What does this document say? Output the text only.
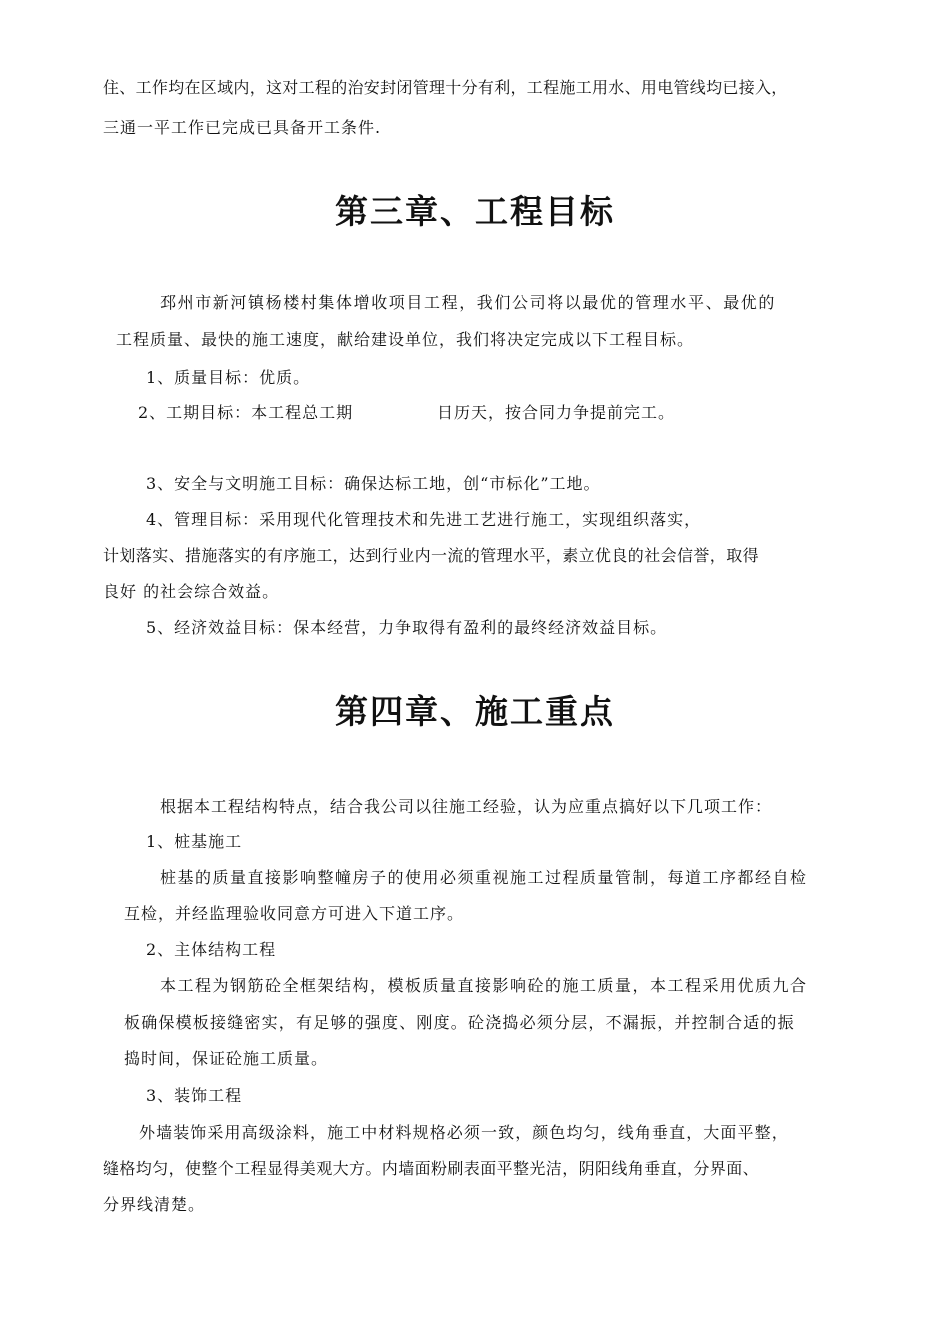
住、工作均在区域内，这对工程的治安封闭管理十分有利，工程施工用水、用电管线均已接入，
三通一平工作已完成已具备开工条件.
第三章、工程目标
邳州市新河镇杨楼村集体增收项目工程，我们公司将以最优的管理水平、最优的
工程质量、最快的施工速度，献给建设单位，我们将决定完成以下工程目标。
1、质量目标：优质。
2、工期目标：本工程总工期	日历天，按合同力争提前完工。
3、安全与文明施工目标：确保达标工地，创“市标化”工地。
4、管理目标：采用现代化管理技术和先进工艺进行施工，实现组织落实，
计划落实、措施落实的有序施工，达到行业内一流的管理水平，素立优良的社会信誉，取得
良好 的社会综合效益。
5、经济效益目标：保本经营，力争取得有盈利的最终经济效益目标。
第四章、施工重点
根据本工程结构特点，结合我公司以往施工经验，认为应重点搞好以下几项工作：
1、桩基施工
桩基的质量直接影响整幢房子的使用必须重视施工过程质量管制，每道工序都经自检
互检，并经监理验收同意方可进入下道工序。
2、主体结构工程
本工程为钢筋砼全框架结构，模板质量直接影响砼的施工质量，本工程采用优质九合
板确保模板接缝密实，有足够的强度、刚度。砼浇捣必须分层，不漏振，并控制合适的振
捣时间，保证砼施工质量。
3、装饰工程
外墙装饰采用高级涂料，施工中材料规格必须一致，颜色均匀，线角垂直，大面平整，
缝格均匀，使整个工程显得美观大方。内墙面粉刷表面平整光洁，阴阳线角垂直，分界面、
分界线清楚。
